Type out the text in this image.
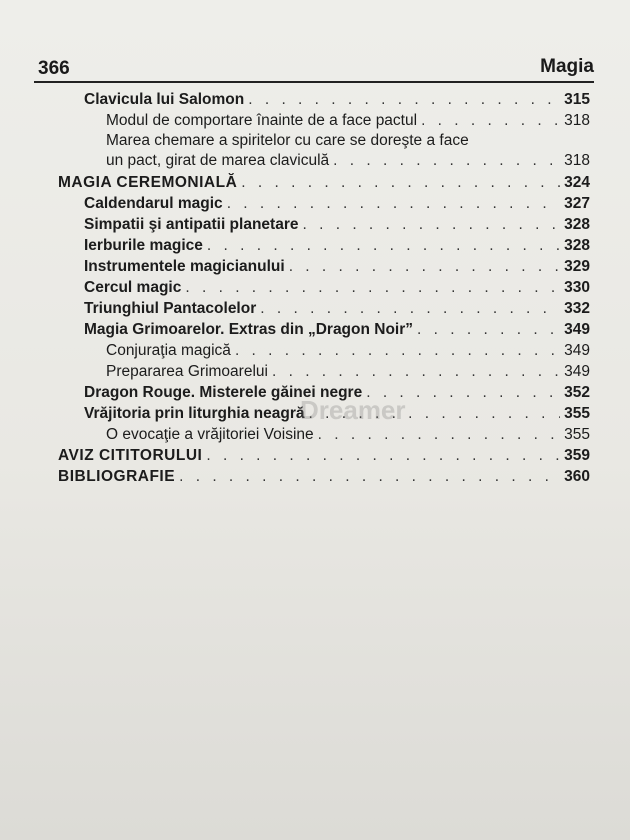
366	Magia
Clavicula lui Salomon . . .	315
Modul de comportare înainte de a face pactul . . .	318
Marea chemare a spiritelor cu care se doreşte a face
un pact, girat de marea claviculă . . .	318
MAGIA CEREMONIALĂ . . .	324
Caldendarul magic . . .	327
Simpatii şi antipatii planetare . . .	328
Ierburile magice . . .	328
Instrumentele magicianului . . .	329
Cercul magic . . .	330
Triunghiul Pantacolelor . . .	332
Magia Grimoarelor. Extras din „Dragon Noir” . . .	349
Conjuraţia magică . . .	349
Prepararea Grimoarelui . . .	349
Dragon Rouge. Misterele găinei negre . . .	352
Vrăjitoria prin liturghia neagră . . .	355
O evocaţie a vrăjitoriei Voisine . . .	355
AVIZ CITITORULUI . . .	359
BIBLIOGRAFIE . . .	360
Dreamer
